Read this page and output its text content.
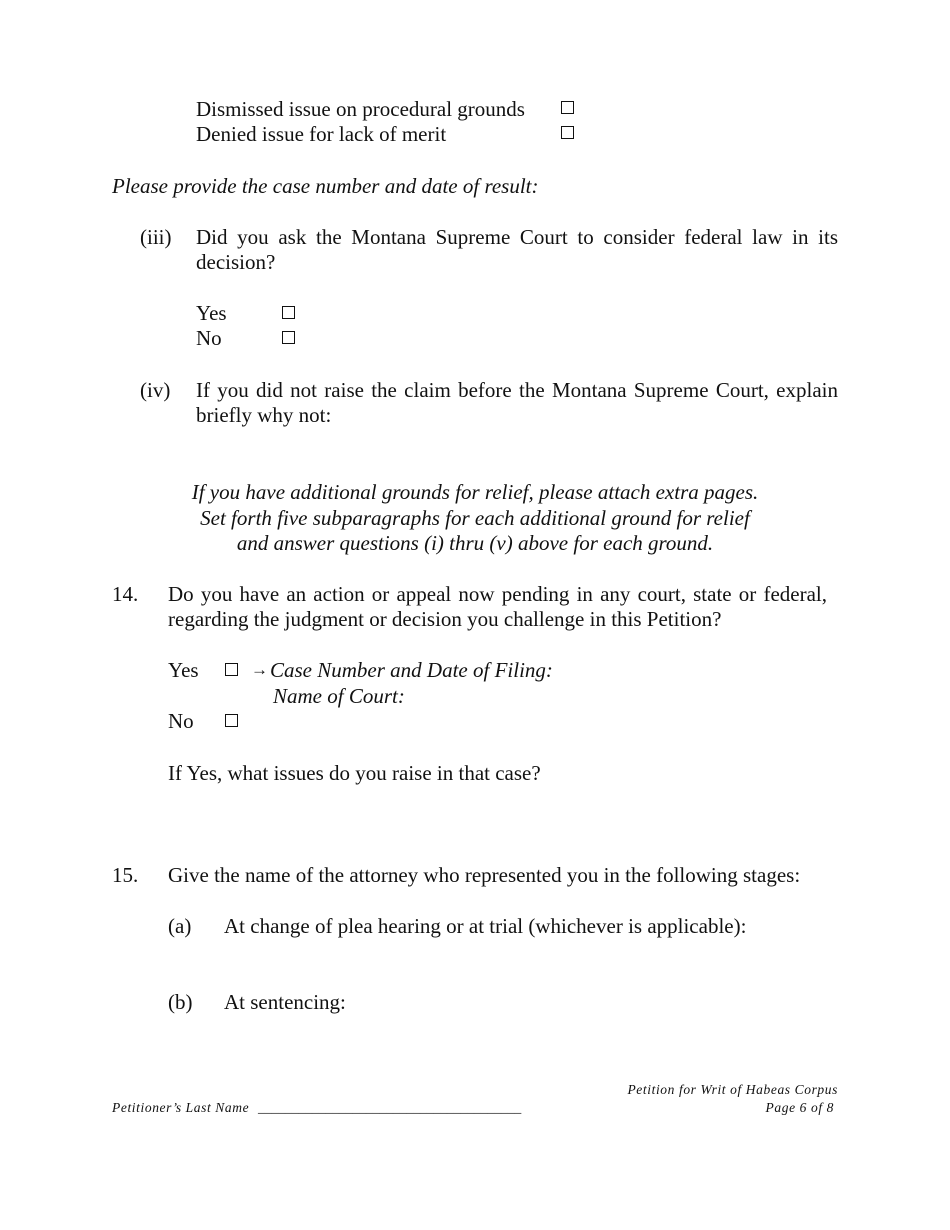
Dismissed issue on procedural grounds
Denied issue for lack of merit
Please provide the case number and date of result:
(iii) Did you ask the Montana Supreme Court to consider federal law in its
decision?
Yes
No
(iv) If you did not raise the claim before the Montana Supreme Court, explain
briefly why not:
If you have additional grounds for relief, please attach extra pages.
Set forth five subparagraphs for each additional ground for relief
and answer questions (i) thru (v) above for each ground.
14. Do you have an action or appeal now pending in any court, state or federal,
regarding the judgment or decision you challenge in this Petition?
Yes	→ Case Number and Date of Filing:
Name of Court:
No
If Yes, what issues do you raise in that case?
15. Give the name of the attorney who represented you in the following stages:
(a) At change of plea hearing or at trial (whichever is applicable):
(b) At sentencing:
Petition for Writ of Habeas Corpus
Petitioner’s Last Name _______________________________________	Page 6 of 8
